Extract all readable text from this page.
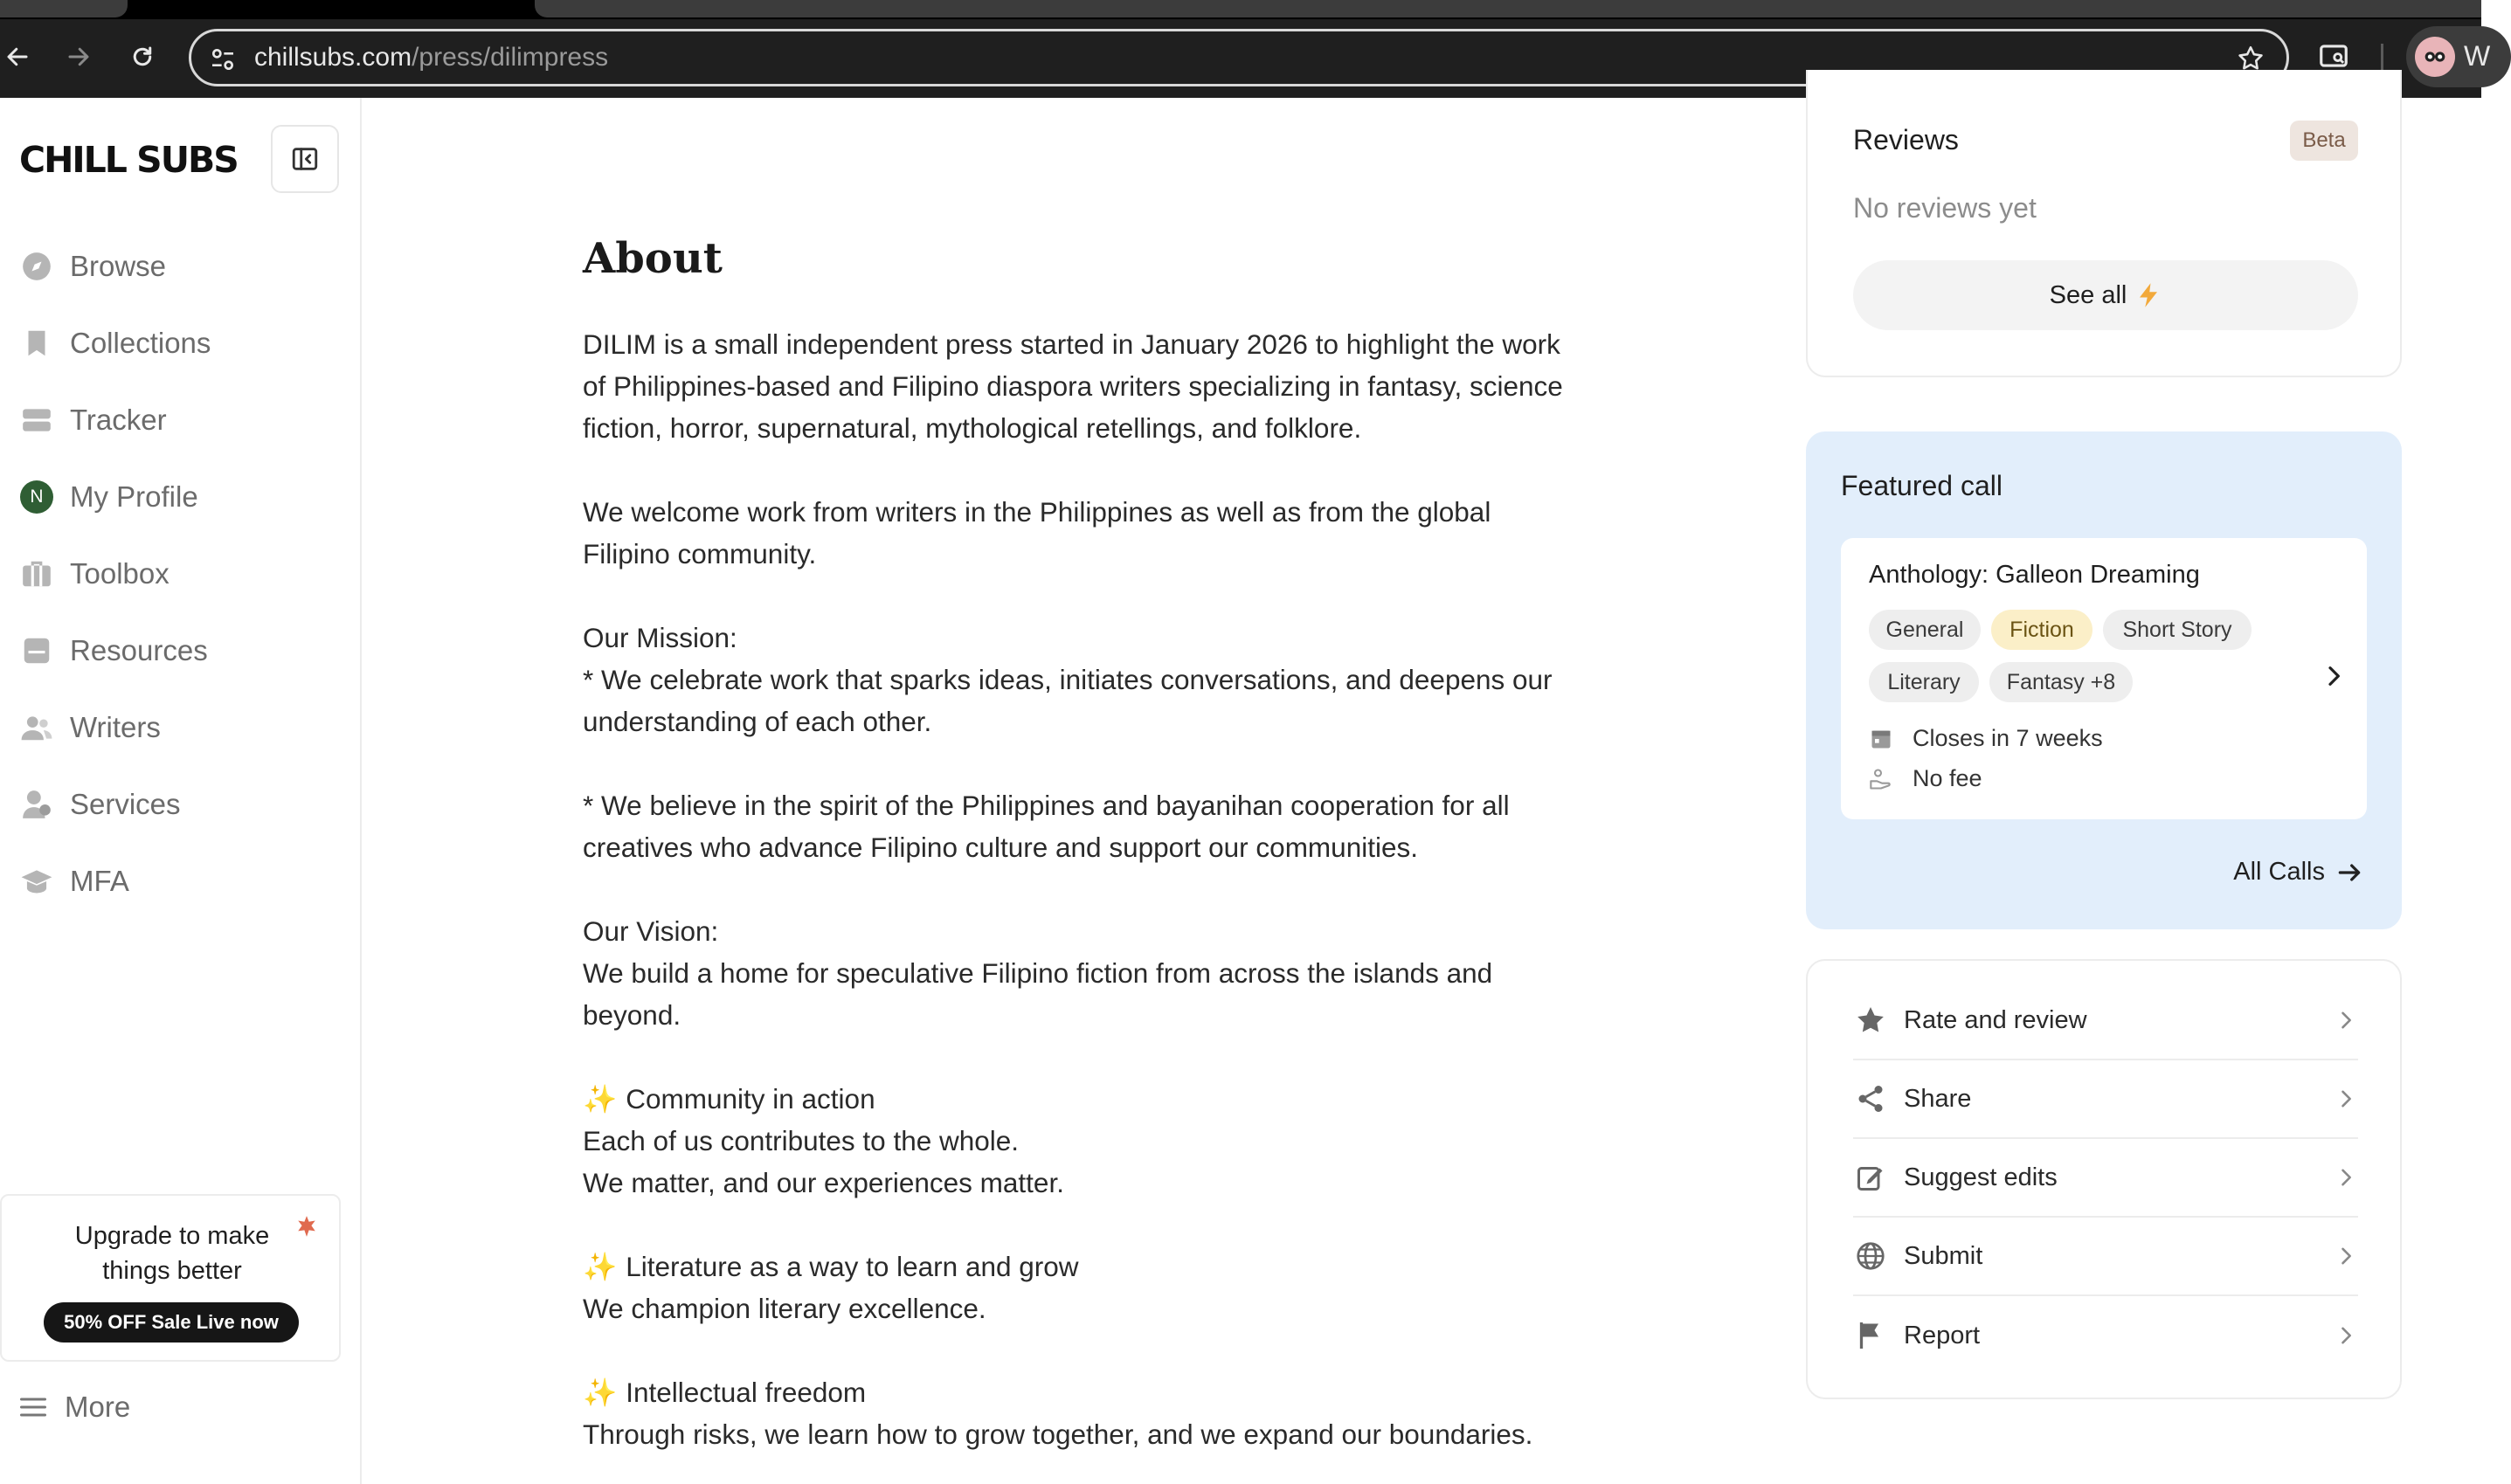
chillsubs.com/press/dilimpress	W
CHILL SUBS
Browse
Collections
Tracker
N My Profile
Toolbox
Resources
Writers
Services
MFA
Upgrade to make
things better
50% OFF Sale Live now
More
About

DILIM is a small independent press started in January 2026 to highlight the work

of Philippines-based and Filipino diaspora writers specializing in fantasy, science

fiction, horror, supernatural, mythological retellings, and folklore.

We welcome work from writers in the Philippines as well as from the global

Filipino community.

Our Mission:

* We celebrate work that sparks ideas, initiates conversations, and deepens our

understanding of each other.

* We believe in the spirit of the Philippines and bayanihan cooperation for all

creatives who advance Filipino culture and support our communities.

Our Vision:

We build a home for speculative Filipino fiction from across the islands and

beyond.

✨ Community in action

Each of us contributes to the whole.

We matter, and our experiences matter.

✨ Literature as a way to learn and grow

We champion literary excellence.

✨ Intellectual freedom

Through risks, we learn how to grow together, and we expand our boundaries.

Reviews	Beta
No reviews yet
See all
Featured call
Anthology: Galleon Dreaming
General	Fiction	Short Story
Literary	Fantasy +8
Closes in 7 weeks
No fee
All Calls
Rate and review
Share
Suggest edits
Submit
Report
